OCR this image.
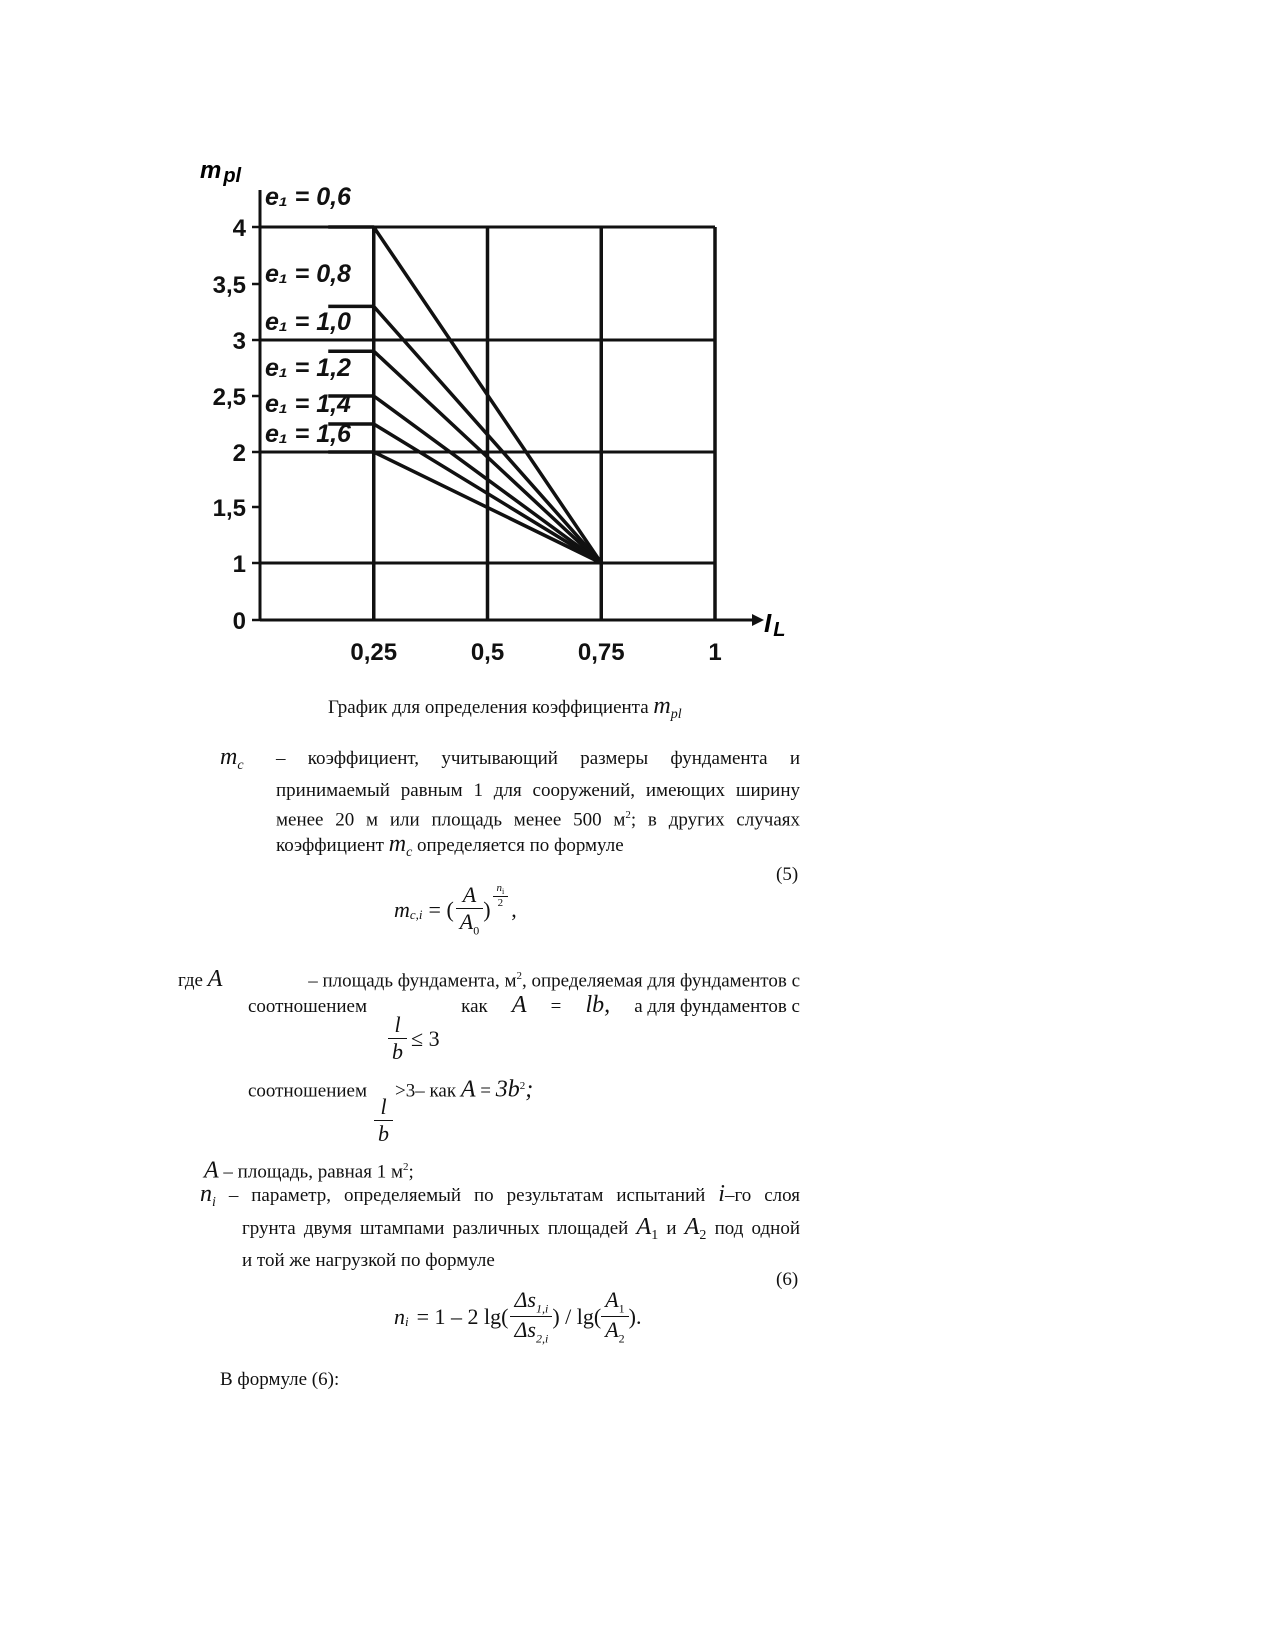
0
1
1,5
2
2,5
3
3,5
4
0,25	0,5	0,75	1
e₁ = 0,6
e₁ = 0,8
e₁ = 1,0
e₁ = 1,2
e₁ = 1,4
e₁ = 1,6
m pl
I L
График для определения коэффициента $m_{pl}$
$m_c$	– коэффициент, учитывающий размеры фундамента и
принимаемый равным 1 для сооружений, имеющих ширину
менее 20 м или площадь менее 500 $м^2$; в других случаях
коэффициент $m_c$ определяется по формуле
(5)
$m_{c,i}$ = ( $\frac{A}{A_0}$ )
$\frac{n_i}{2}$
,
где A	– площадь фундамента, $м^2$, определяемая для фундаментов с
соотношением	как A = lb, а для фундаментов с
$\frac{l}{b} \le 3$
соотношением >3– как $A = 3b^2$;
$\frac{l}{b}$
A – площадь, равная 1 $м^2$;
$n_i$ – параметр, определяемый по результатам испытаний i–го слоя
грунта двумя штампами различных площадей $A_1$ и $A_2$ под одной
и той же нагрузкой по формуле
(6)
$n_i = 1 - 2$ $\lg( \frac{\Delta s_{1,i}}{\Delta s_{2,i}}$ ) / $\lg( \frac{A_1}{A_2}$ ).
В формуле (6):
